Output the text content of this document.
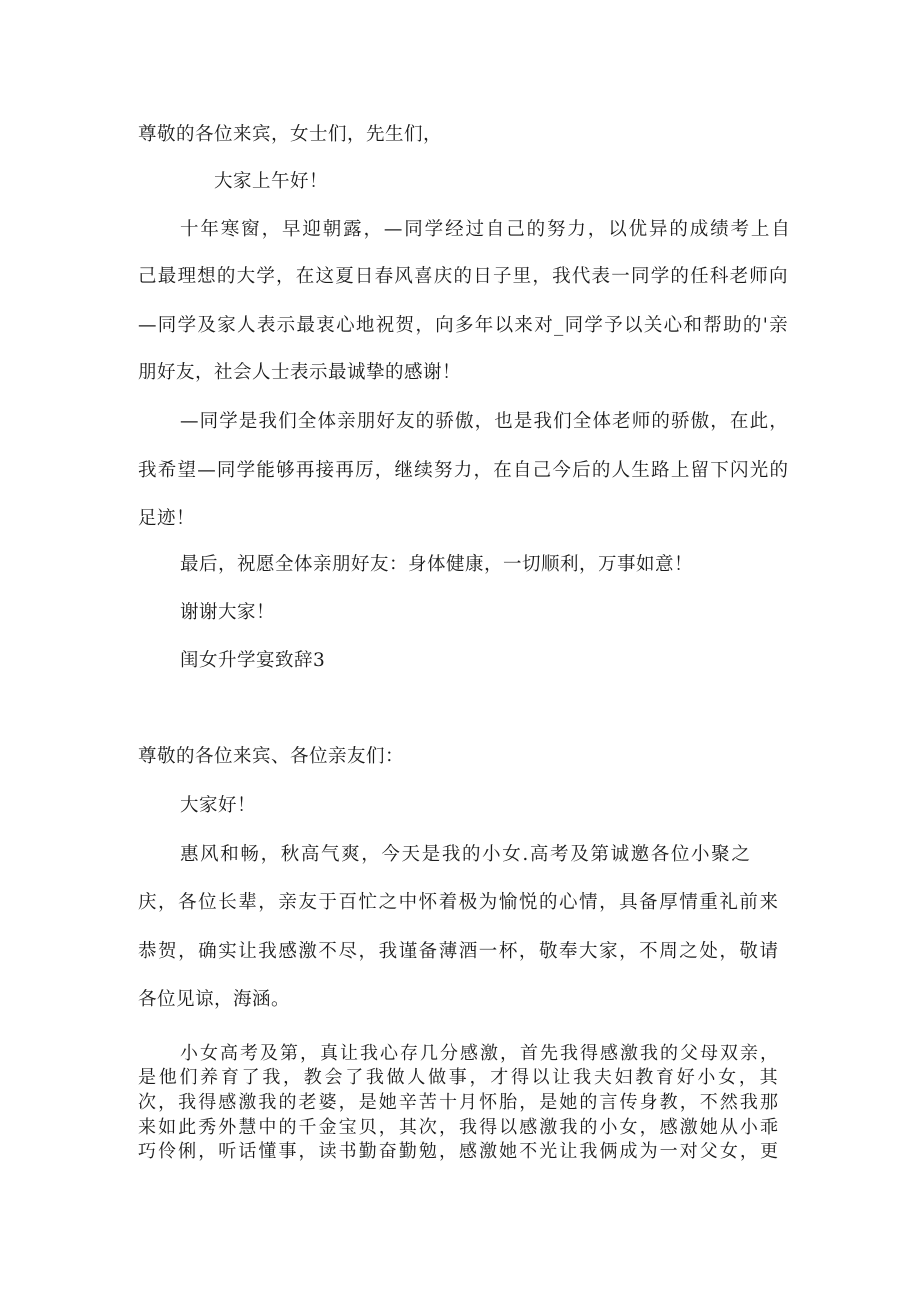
尊敬的各位来宾，女士们，先生们，
大家上午好！
十 年 寒 窗 ， 早 迎 朝 露 ， — 同 学 经 过 自 己 的 努 力 ， 以 优 异 的 成 绩 考 上 自
己 最 理 想 的 大 学 ， 在 这 夏 日 春 风 喜 庆 的 日 子 里 ， 我 代 表 一 同 学 的 任 科 老 师 向
— 同 学 及 家 人 表 示 最 衷 心 地 祝 贺 ， 向 多 年 以 来 对 _ 同 学 予 以 关 心 和 帮 助 的 ' 亲
朋好友，社会人士表示最诚挚的感谢！
— 同 学 是 我 们 全 体 亲 朋 好 友 的 骄 傲 ， 也 是 我 们 全 体 老 师 的 骄 傲 ， 在 此 ，
我 希 望 — 同 学 能 够 再 接 再 厉 ， 继 续 努 力 ， 在 自 己 今 后 的 人 生 路 上 留 下 闪 光 的
足迹！
最后，祝愿全体亲朋好友：身体健康，一切顺利，万事如意！
谢谢大家！
闺女升学宴致辞3
尊敬的各位来宾、各位亲友们：
大家好！
惠 风 和 畅 ， 秋 高 气 爽 ， 今 天 是 我 的 小 女 . 高 考 及 第 诚 邀 各 位 小 聚 之
庆 ， 各 位 长 辈 ， 亲 友 于 百 忙 之 中 怀 着 极 为 愉 悦 的 心 情 ， 具 备 厚 情 重 礼 前 来
恭 贺 ， 确 实 让 我 感 激 不 尽 ， 我 谨 备 薄 酒 一 杯 ， 敬 奉 大 家 ， 不 周 之 处 ， 敬 请
各位见谅，海涵。
小 女 高 考 及 第 ， 真 让 我 心 存 几 分 感 激 ， 首 先 我 得 感 激 我 的 父 母 双 亲 ，
是 他 们 养 育 了 我 ， 教 会 了 我 做 人 做 事 ， 才 得 以 让 我 夫 妇 教 育 好 小 女 ， 其
次 ， 我 得 感 激 我 的 老 婆 ， 是 她 辛 苦 十 月 怀 胎 ， 是 她 的 言 传 身 教 ， 不 然 我 那
来 如 此 秀 外 慧 中 的 千 金 宝 贝 ， 其 次 ， 我 得 以 感 激 我 的 小 女 ， 感 激 她 从 小 乖
巧 伶 俐 ， 听 话 懂 事 ， 读 书 勤 奋 勤 勉 ， 感 激 她 不 光 让 我 俩 成 为 一 对 父 女 ， 更
